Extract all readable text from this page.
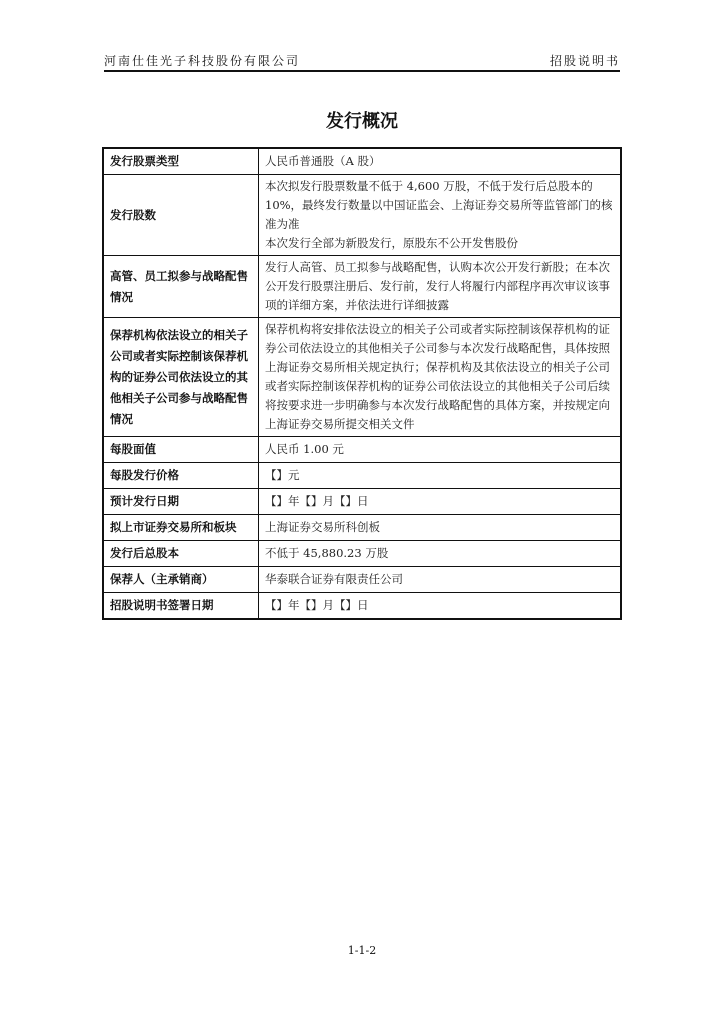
河南仕佳光子科技股份有限公司	招股说明书
发行概况
发行股票类型	人民币普通股（A 股）
发行股数	本次拟发行股票数量不低于 4,600 万股，不低于发行后总股本的 10%，最终发行数量以中国证监会、上海证券交易所等监管部门的核准为准
本次发行全部为新股发行，原股东不公开发售股份
高管、员工拟参与战略配售情况	发行人高管、员工拟参与战略配售，认购本次公开发行新股；在本次公开发行股票注册后、发行前，发行人将履行内部程序再次审议该事项的详细方案，并依法进行详细披露
保荐机构依法设立的相关子公司或者实际控制该保荐机构的证券公司依法设立的其他相关子公司参与战略配售情况	保荐机构将安排依法设立的相关子公司或者实际控制该保荐机构的证券公司依法设立的其他相关子公司参与本次发行战略配售，具体按照上海证券交易所相关规定执行；保荐机构及其依法设立的相关子公司或者实际控制该保荐机构的证券公司依法设立的其他相关子公司后续将按要求进一步明确参与本次发行战略配售的具体方案，并按规定向上海证券交易所提交相关文件
每股面值	人民币 1.00 元
每股发行价格	【】元
预计发行日期	【】年【】月【】日
拟上市证券交易所和板块	上海证券交易所科创板
发行后总股本	不低于 45,880.23 万股
保荐人（主承销商）	华泰联合证券有限责任公司
招股说明书签署日期	【】年【】月【】日
1-1-2
